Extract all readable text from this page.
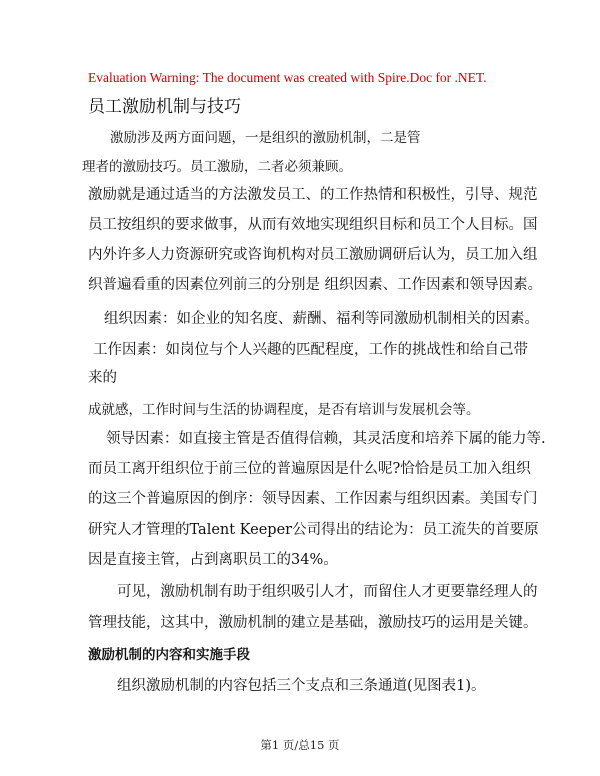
Evaluation Warning: The document was created with Spire.Doc for .NET.
员工激励机制与技巧
激励涉及两方面问题，一是组织的激励机制，二是管
理者的激励技巧。员工激励，二者必须兼顾。
激励就是通过适当的方法激发员工、的工作热情和积极性，引导、规范
员工按组织的要求做事，从而有效地实现组织目标和员工个人目标。国
内外许多人力资源研究或咨询机构对员工激励调研后认为，员工加入组
织普遍看重的因素位列前三的分别是 组织因素、工作因素和领导因素。
组织因素：如企业的知名度、薪酬、福利等同激励机制相关的因素。
工作因素：如岗位与个人兴趣的匹配程度，工作的挑战性和给自己带
来的
成就感，工作时间与生活的协调程度，是否有培训与发展机会等。
领导因素：如直接主管是否值得信赖，其灵活度和培养下属的能力等.
而员工离开组织位于前三位的普遍原因是什么呢?恰恰是员工加入组织
的这三个普遍原因的倒序：领导因素、工作因素与组织因素。美国专门
研究人才管理的Talent Keeper公司得出的结论为：员工流失的首要原
因是直接主管，占到离职员工的34%。
可见，激励机制有助于组织吸引人才，而留住人才更要靠经理人的
管理技能，这其中，激励机制的建立是基础，激励技巧的运用是关键。
激励机制的内容和实施手段
组织激励机制的内容包括三个支点和三条通道(见图表1)。
第1 页/总15 页
